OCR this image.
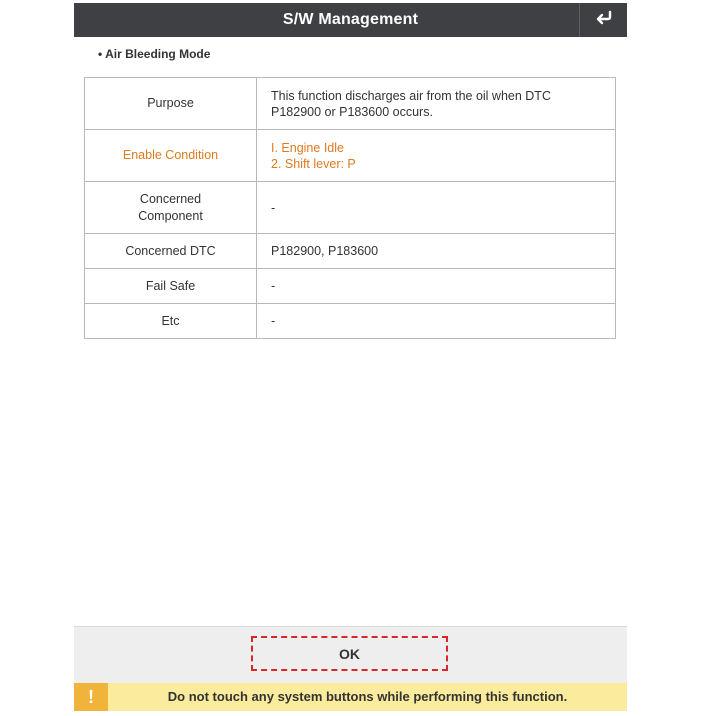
S/W Management
• Air Bleeding Mode
Purpose	This function discharges air from the oil when DTC
P182900 or P183600 occurs.

Enable Condition	I. Engine Idle
2. Shift lever: P

Concerned
Component	-
Concerned DTC	P182900, P183600
Fail Safe	-
Etc	-
OK
!	Do not touch any system buttons while performing this function.
